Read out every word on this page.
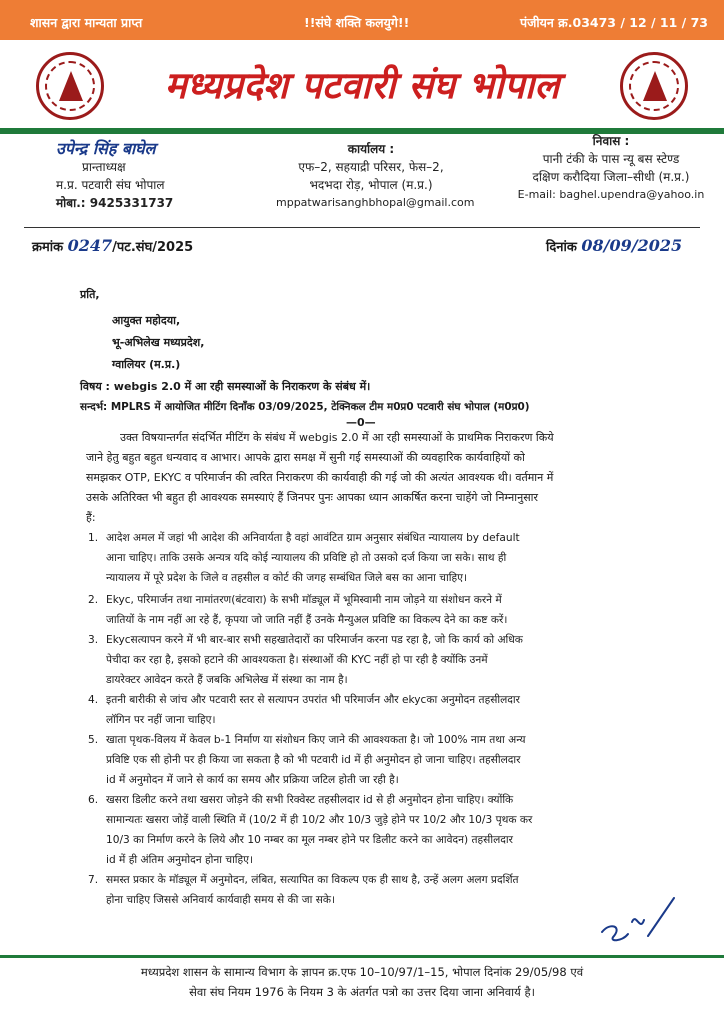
शासन द्वारा मान्यता प्राप्त	!!संघे शक्ति कलयुगे!!	पंजीयन क्र.03473 / 12 / 11 / 73
मध्यप्रदेश पटवारी संघ भोपाल
उपेन्द्र सिंह बाघेल
प्रान्ताध्यक्ष
म.प्र. पटवारी संघ भोपाल
मोबा.: 9425331737
कार्यालय :
एफ–2, सहयाद्री परिसर, फेस–2,
भदभदा रोड़, भोपाल (म.प्र.)
mppatwarisanghbhopal@gmail.com
निवास :
पानी टंकी के पास न्यू बस स्टेण्ड
दक्षिण करौदिया जिला–सीधी (म.प्र.)
E-mail: baghel.upendra@yahoo.in
क्रमांक 0247/पट.संघ/2025	दिनांक 08/09/2025
प्रति,
आयुक्त महोदया,
भू-अभिलेख मध्यप्रदेश,
ग्वालियर (म.प्र.)
विषय : webgis 2.0 में आ रही समस्याओं के निराकरण के संबंध में।
सन्दर्भ: MPLRS में आयोजित मीटिंग दिनाँक 03/09/2025, टेक्निकल टीम म0प्र0 पटवारी संघ भोपाल (म0प्र0)
—0—
उक्त विषयान्तर्गत संदर्भित मीटिंग के संबंध में webgis 2.0 में आ रही समस्याओं के प्राथमिक निराकरण किये
जाने हेतु बहुत बहुत धन्यवाद व आभार। आपके द्वारा समक्ष में सुनी गई समस्याओं की व्यवहारिक कार्यवाहियों को
समझकर OTP, EKYC व परिमार्जन की त्वरित निराकरण की कार्यवाही की गई जो की अत्यंत आवश्यक थी। वर्तमान में
उसके अतिरिक्त भी बहुत ही आवश्यक समस्याएं हैं जिनपर पुनः आपका ध्यान आकर्षित करना चाहेंगे जो निम्नानुसार
हैं:
1. आदेश अमल में जहां भी आदेश की अनिवार्यता है वहां आवंटित ग्राम अनुसार संबंधित न्यायालय by default
आना चाहिए। ताकि उसके अन्यत्र यदि कोई न्यायालय की प्रविष्टि हो तो उसको दर्ज किया जा सके। साथ ही
न्यायालय में पूरे प्रदेश के जिले व तहसील व कोर्ट की जगह सम्बंधित जिले बस का आना चाहिए।
2. Ekyc, परिमार्जन तथा नामांतरण(बंटवारा) के सभी मॉड्यूल में भूमिस्वामी नाम जोड़ने या संशोधन करने में
जातियों के नाम नहीं आ रहे हैं, कृपया जो जाति नहीं हैं उनके मैन्युअल प्रविष्टि का विकल्प देने का कष्ट करें।
3. Ekycसत्यापन करने में भी बार-बार सभी सहखातेदारों का परिमार्जन करना पड रहा है, जो कि कार्य को अधिक
पेचीदा कर रहा है, इसको हटाने की आवश्यकता है। संस्थाओं की KYC नहीं हो पा रही है क्योंकि उनमें
डायरेक्टर आवेदन करते हैं जबकि अभिलेख में संस्था का नाम है।
4. इतनी बारीकी से जांच और पटवारी स्तर से सत्यापन उपरांत भी परिमार्जन और ekycका अनुमोदन तहसीलदार
लॉगिन पर नहीं जाना चाहिए।
5. खाता पृथक-विलय में केवल b-1 निर्माण या संशोधन किए जाने की आवश्यकता है। जो 100% नाम तथा अन्य
प्रविष्टि एक सी होनी पर ही किया जा सकता है को भी पटवारी id में ही अनुमोदन हो जाना चाहिए। तहसीलदार
id में अनुमोदन में जाने से कार्य का समय और प्रक्रिया जटिल होती जा रही है।
6. खसरा डिलीट करने तथा खसरा जोड़ने की सभी रिक्वेस्ट तहसीलदार id से ही अनुमोदन होना चाहिए। क्योंकि
सामान्यतः खसरा जोड़ें वाली स्थिति में (10/2 में ही 10/2 और 10/3 जुड़े होने पर 10/2 और 10/3 पृथक कर
10/3 का निर्माण करने के लिये और 10 नम्बर का मूल नम्बर होने पर डिलीट करने का आवेदन) तहसीलदार
id में ही अंतिम अनुमोदन होना चाहिए।
7. समस्त प्रकार के मॉड्यूल में अनुमोदन, लंबित, सत्यापित का विकल्प एक ही साथ है, उन्हें अलग अलग प्रदर्शित
होना चाहिए जिससे अनिवार्य कार्यवाही समय से की जा सके।
मध्यप्रदेश शासन के सामान्य विभाग के ज्ञापन क्र.एफ 10–10/97/1–15, भोपाल दिनांक 29/05/98 एवं
सेवा संघ नियम 1976 के नियम 3 के अंतर्गत पत्रो का उत्तर दिया जाना अनिवार्य है।
